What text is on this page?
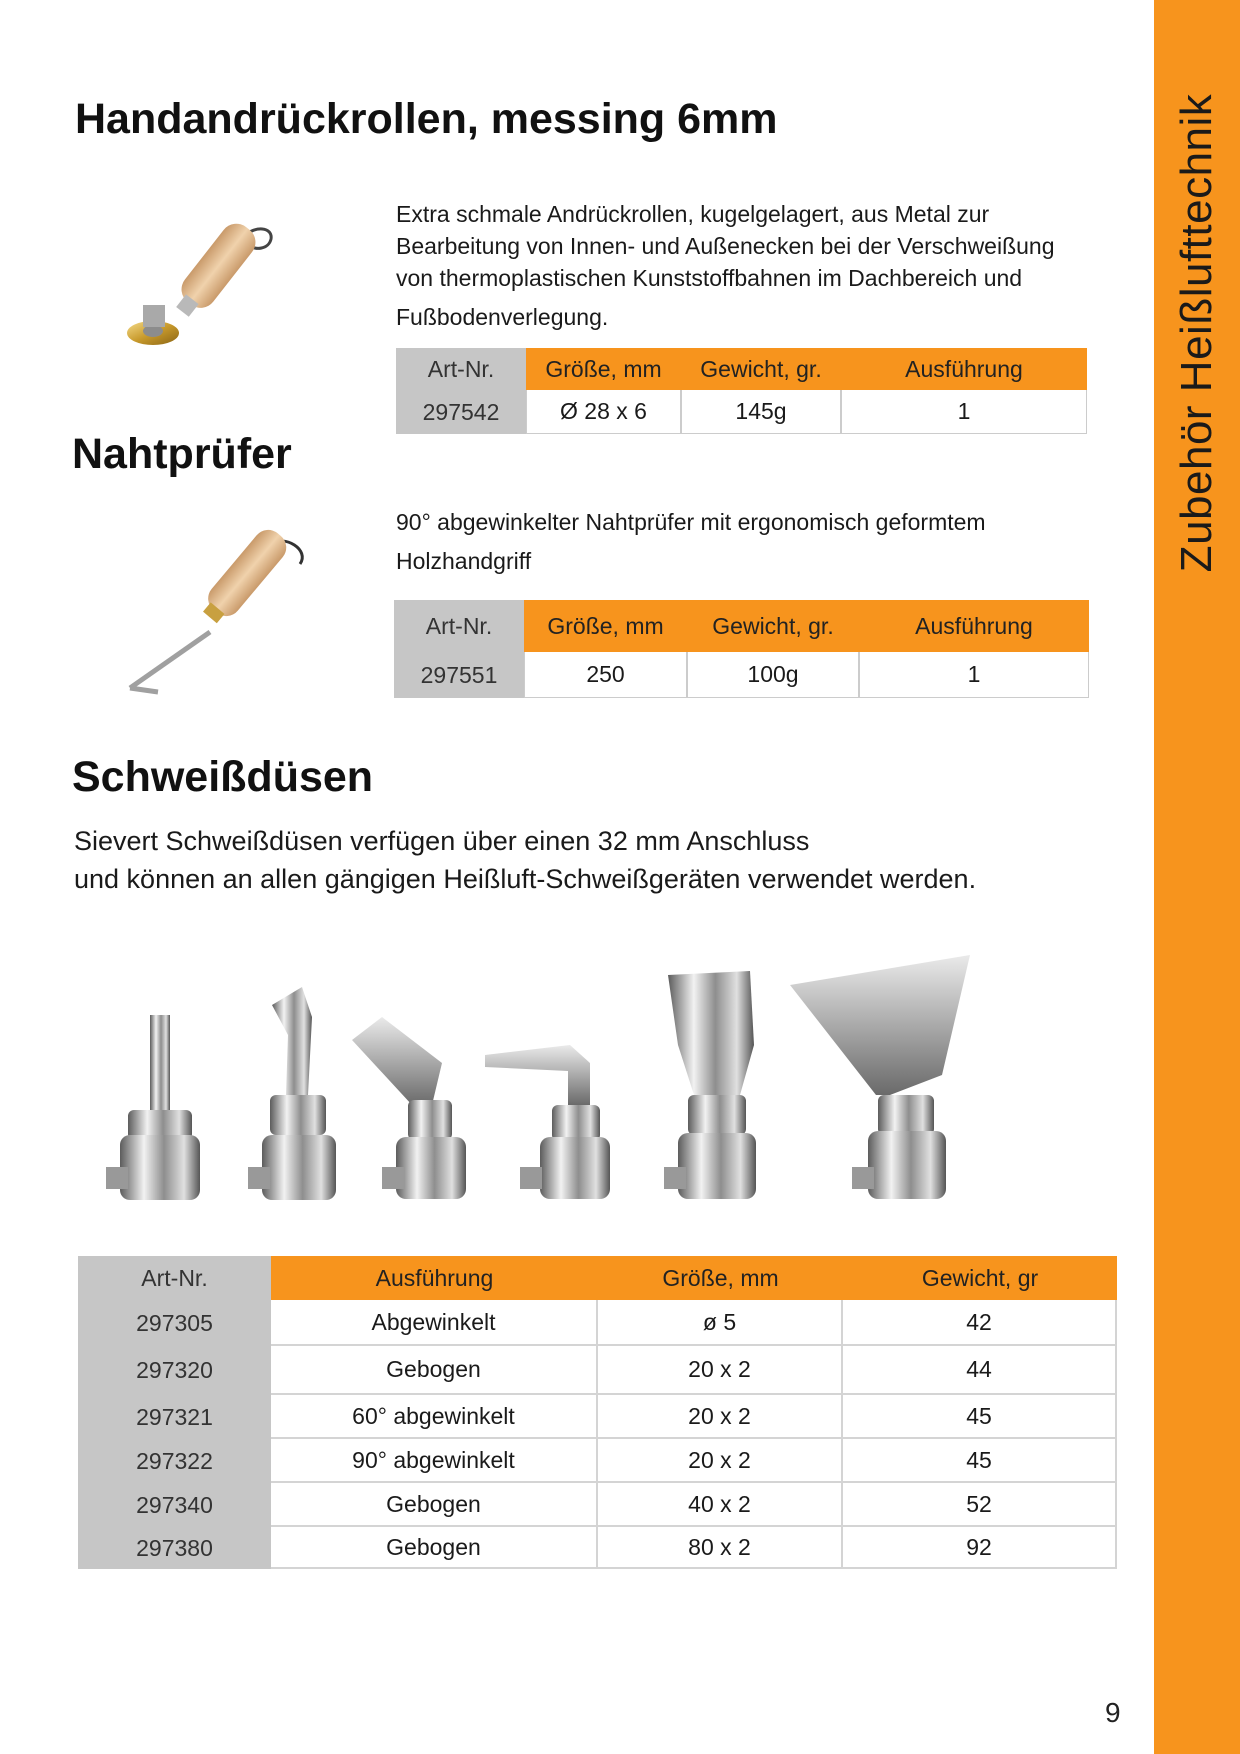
Zubehör Heißlufttechnik
Handandrückrollen, messing 6mm
Extra schmale Andrückrollen, kugelgelagert, aus Metal zur
Bearbeitung von Innen- und Außenecken bei der Verschweißung
von thermoplastischen Kunststoffbahnen im Dachbereich und
Fußbodenverlegung.
Art-Nr.	Größe, mm	Gewicht, gr.	Ausführung
297542	Ø 28 x 6	145g	1
Nahtprüfer
90° abgewinkelter Nahtprüfer mit ergonomisch geformtem
Holzhandgriff
Art-Nr.	Größe, mm	Gewicht, gr.	Ausführung
297551	250	100g	1
Schweißdüsen
Sievert Schweißdüsen verfügen über einen 32 mm Anschluss
und können an allen gängigen Heißluft-Schweißgeräten verwendet werden.
Art-Nr.	Ausführung	Größe, mm	Gewicht, gr
297305	Abgewinkelt	ø 5	42
297320	Gebogen	20 x 2	44
297321	60° abgewinkelt	20 x 2	45
297322	90° abgewinkelt	20 x 2	45
297340	Gebogen	40 x 2	52
297380	Gebogen	80 x 2	92
9
